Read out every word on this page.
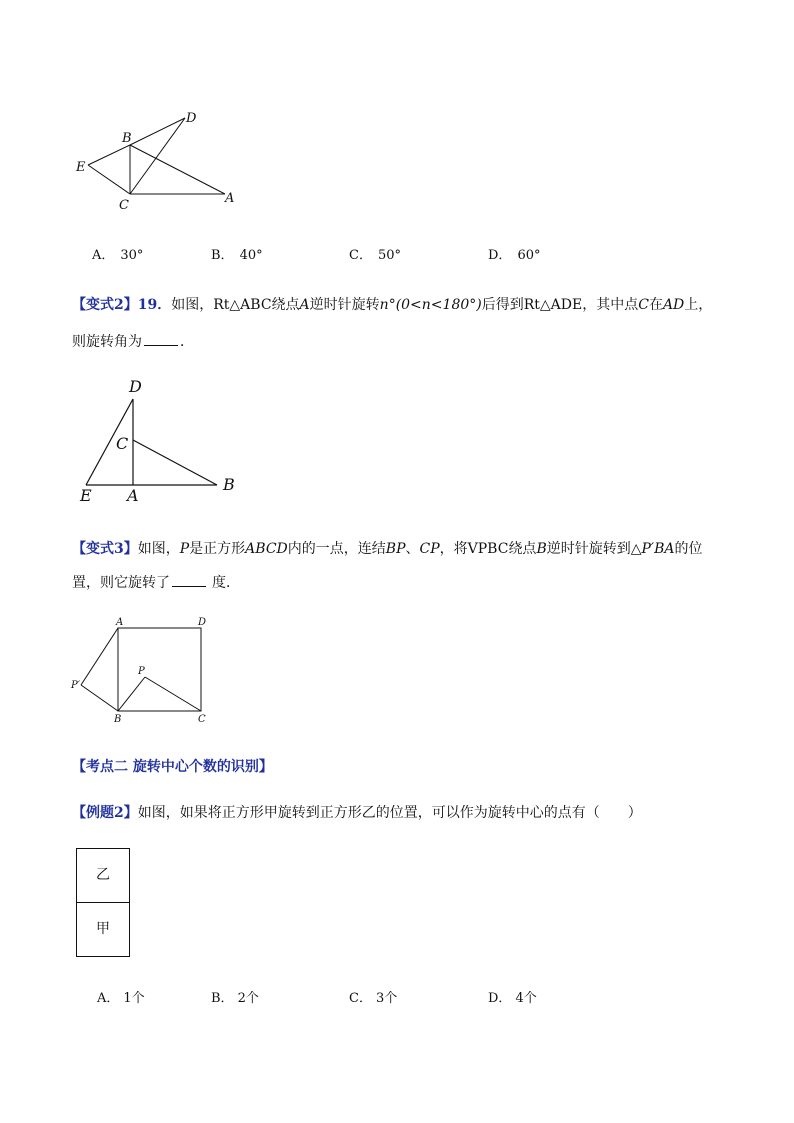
B
D
E
C	A
A． 30°	B． 40°	C． 50°	D． 60°
【变式2】19．如图，Rt△ABC绕点A逆时针旋转n°(0<n<180°)后得到Rt△ADE，其中点C在AD上，
则旋转角为	．
D
C
E A
B
【变式3】如图，P是正方形ABCD内的一点，连结BP、CP，将VPBC绕点B逆时针旋转到△P′BA的位
置，则它旋转了	度．
A	D
P
P′
B	C
【考点二 旋转中心个数的识别】
【例题2】如图，如果将正方形甲旋转到正方形乙的位置，可以作为旋转中心的点有（　　）
乙
甲
A． 1个	B． 2个	C． 3个	D． 4个
